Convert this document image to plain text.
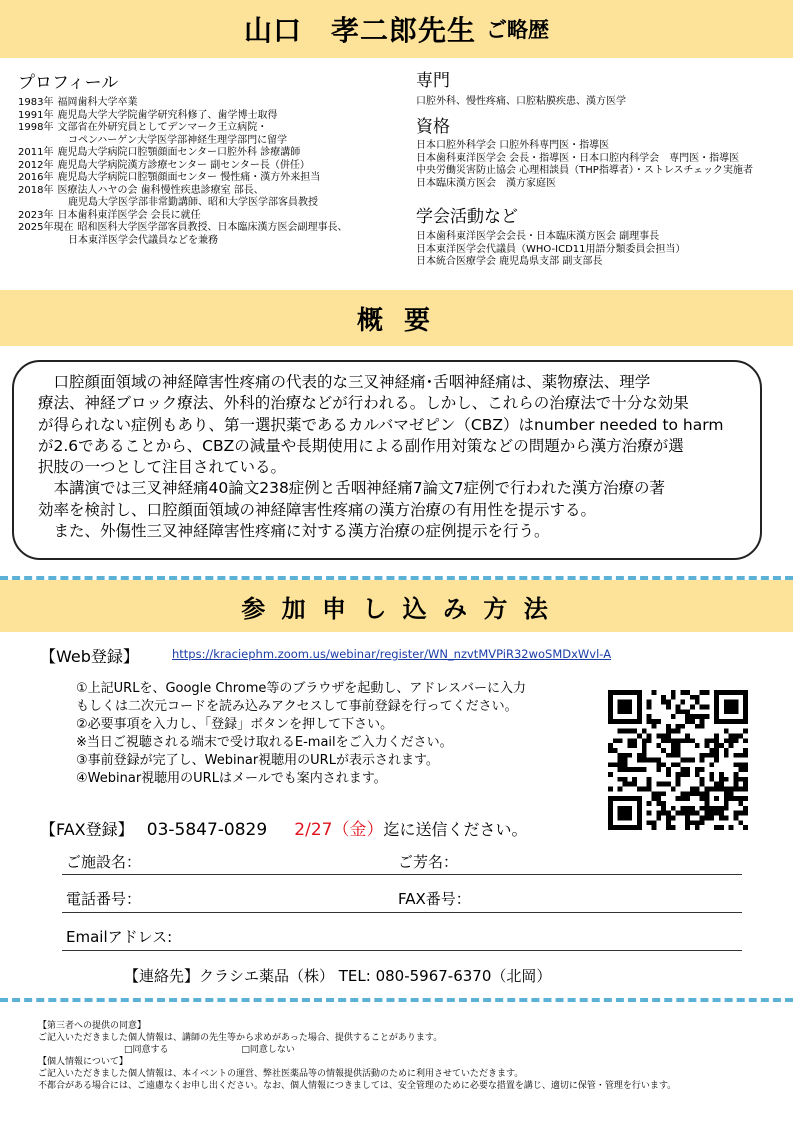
山口　孝二郎先生 ご略歴
プロフィール
1983年 福岡歯科大学卒業
1991年 鹿児島大学大学院歯学研究科修了、歯学博士取得
1998年 文部省在外研究員としてデンマーク王立病院・
コペンハーゲン大学医学部神経生理学部門に留学
2011年 鹿児島大学病院口腔顎顔面センター口腔外科 診療講師
2012年 鹿児島大学病院漢方診療センター 副センター長（併任）
2016年 鹿児島大学病院口腔顎顔面センター 慢性痛・漢方外来担当
2018年 医療法人ハヤの会 歯科慢性疾患診療室 部長、
鹿児島大学医学部非常勤講師、昭和大学医学部客員教授
2023年 日本歯科東洋医学会 会長に就任
2025年現在 昭和医科大学医学部客員教授、日本臨床漢方医会副理事長、
日本東洋医学会代議員などを兼務
専門
口腔外科、慢性疼痛、口腔粘膜疾患、漢方医学
資格
日本口腔外科学会 口腔外科専門医・指導医
日本歯科東洋医学会 会長・指導医・日本口腔内科学会　専門医・指導医
中央労働災害防止協会 心理相談員（THP指導者）・ストレスチェック実施者
日本臨床漢方医会　漢方家庭医
学会活動など
日本歯科東洋医学会会長・日本臨床漢方医会 副理事長
日本東洋医学会代議員（WHO-ICD11用語分類委員会担当）
日本統合医療学会 鹿児島県支部 副支部長
概 要
　口腔顔面領域の神経障害性疼痛の代表的な三叉神経痛･舌咽神経痛は、薬物療法、理学
療法、神経ブロック療法、外科的治療などが行われる。しかし、これらの治療法で十分な効果
が得られない症例もあり、第一選択薬であるカルバマゼピン（CBZ）はnumber needed to harm
が2.6であることから、CBZの減量や長期使用による副作用対策などの問題から漢方治療が選
択肢の一つとして注目されている。
　本講演では三叉神経痛40論文238症例と舌咽神経痛7論文7症例で行われた漢方治療の著
効率を検討し、口腔顔面領域の神経障害性疼痛の漢方治療の有用性を提示する。
　また、外傷性三叉神経障害性疼痛に対する漢方治療の症例提示を行う。
参 加 申 し 込 み 方 法
【Web登録】	https://kraciephm.zoom.us/webinar/register/WN_nzvtMVPiR32woSMDxWvl-A
①上記URLを、Google Chrome等のブラウザを起動し、アドレスバーに入力
もしくは二次元コードを読み込みアクセスして事前登録を行ってください。
②必要事項を入力し、「登録」ボタンを押して下さい。
※当日ご視聴される端末で受け取れるE-mailをご入力ください。
③事前登録が完了し、Webinar視聴用のURLが表示されます。
④Webinar視聴用のURLはメールでも案内されます。
【FAX登録】 03-5847-0829 2/27（金）迄に送信ください。
ご施設名：	ご芳名：
電話番号：	FAX番号：
Emailアドレス:
【連絡先】クラシエ薬品（株） TEL: 080-5967-6370（北岡）
【第三者への提供の同意】
ご記入いただきました個人情報は、講師の先生等から求めがあった場合、提供することがあります。
□同意する	□同意しない
【個人情報について】
ご記入いただきました個人情報は、本イベントの運営、弊社医薬品等の情報提供活動のために利用させていただきます。
不都合がある場合には、ご遠慮なくお申し出ください。なお、個人情報につきましては、安全管理のために必要な措置を講じ、適切に保管・管理を行います。
